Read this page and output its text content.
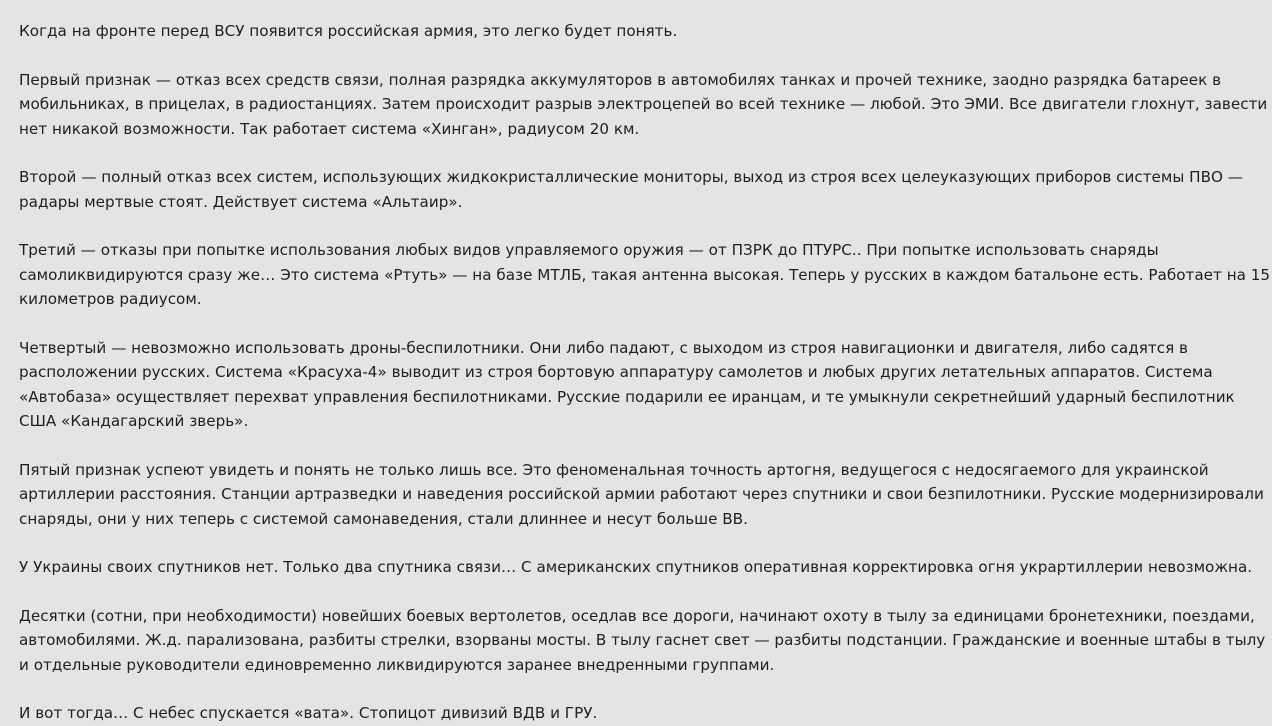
Когда на фронте перед ВСУ появится российская армия, это легко будет понять.

Первый признак — отказ всех средств связи, полная разрядка аккумуляторов в автомобилях танках и прочей технике, заодно разрядка батареек в мобильниках, в прицелах, в радиостанциях. Затем происходит разрыв электроцепей во всей технике — любой. Это ЭМИ. Все двигатели глохнут, завести нет никакой возможности. Так работает система «Хинган», радиусом 20 км.

Второй — полный отказ всех систем, использующих жидкокристаллические мониторы, выход из строя всех целеуказующих приборов системы ПВО — радары мертвые стоят. Действует система «Альтаир».

Третий — отказы при попытке использования любых видов управляемого оружия — от ПЗРК до ПТУРС.. При попытке использовать снаряды самоликвидируются сразу же… Это система «Ртуть» — на базе МТЛБ, такая антенна высокая. Теперь у русских в каждом батальоне есть. Работает на 15 километров радиусом.

Четвертый — невозможно использовать дроны-беспилотники. Они либо падают, с выходом из строя навигационки и двигателя, либо садятся в расположении русских. Система «Красуха-4» выводит из строя бортовую аппаратуру самолетов и любых других летательных аппаратов. Система «Автобаза» осуществляет перехват управления беспилотниками. Русские подарили ее иранцам, и те умыкнули секретнейший ударный беспилотник США «Кандагарский зверь».

Пятый признак успеют увидеть и понять не только лишь все. Это феноменальная точность артогня, ведущегося с недосягаемого для украинской артиллерии расстояния. Станции артразведки и наведения российской армии работают через спутники и свои безпилотники. Русские модернизировали снаряды, они у них теперь с системой самонаведения, стали длиннее и несут больше ВВ.

У Украины своих спутников нет. Только два спутника связи… С американских спутников оперативная корректировка огня украртиллерии невозможна.

Десятки (сотни, при необходимости) новейших боевых вертолетов, оседлав все дороги, начинают охоту в тылу за единицами бронетехники, поездами, автомобилями. Ж.д. парализована, разбиты стрелки, взорваны мосты. В тылу гаснет свет — разбиты подстанции. Гражданские и военные штабы в тылу и отдельные руководители единовременно ликвидируются заранее внедренными группами.

И вот тогда… С небес спускается «вата». Стопицот дивизий ВДВ и ГРУ.
